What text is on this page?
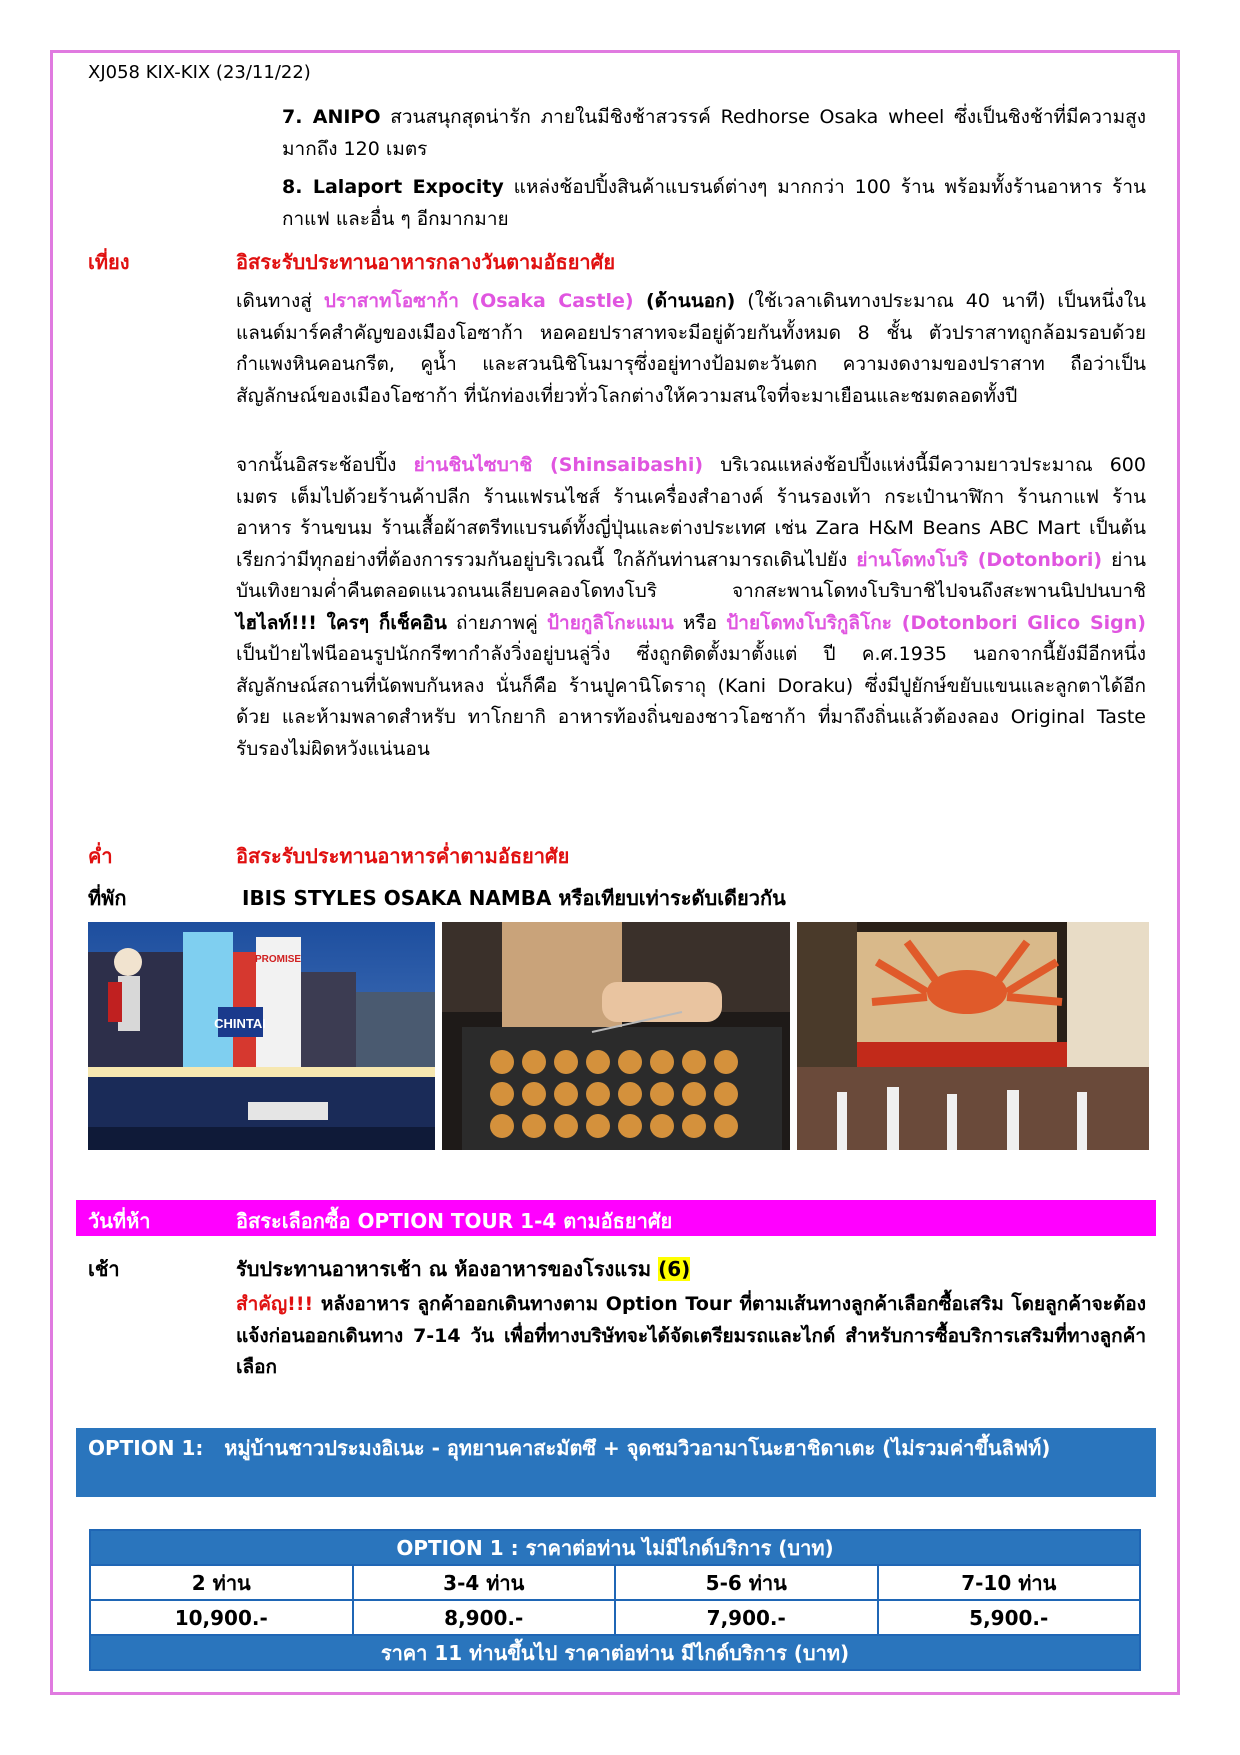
XJ058 KIX-KIX (23/11/22)
7. ANIPO สวนสนุกสุดน่ารัก ภายในมีชิงช้าสวรรค์ Redhorse Osaka wheel ซึ่งเป็นชิงช้าที่มีความสูงมากถึง 120 เมตร
8. Lalaport Expocity แหล่งช้อปปิ้งสินค้าแบรนด์ต่างๆ มากกว่า 100 ร้าน พร้อมทั้งร้านอาหาร ร้านกาแฟ และอื่น ๆ อีกมากมาย
เที่ยง	อิสระรับประทานอาหารกลางวันตามอัธยาศัย
เดินทางสู่ ปราสาทโอซาก้า (Osaka Castle) (ด้านนอก) (ใช้เวลาเดินทางประมาณ 40 นาที) เป็นหนึ่งในแลนด์มาร์คสำคัญของเมืองโอซาก้า หอคอยปราสาทจะมีอยู่ด้วยกันทั้งหมด 8 ชั้น ตัวปราสาทถูกล้อมรอบด้วยกำแพงหินคอนกรีต, คูน้ำ และสวนนิชิโนมารุซึ่งอยู่ทางป้อมตะวันตก ความงดงามของปราสาท ถือว่าเป็นสัญลักษณ์ของเมืองโอซาก้า ที่นักท่องเที่ยวทั่วโลกต่างให้ความสนใจที่จะมาเยือนและชมตลอดทั้งปี
จากนั้นอิสระช้อปปิ้ง ย่านชินไซบาชิ (Shinsaibashi) บริเวณแหล่งช้อปปิ้งแห่งนี้มีความยาวประมาณ 600 เมตร เต็มไปด้วยร้านค้าปลีก ร้านแฟรนไชส์ ร้านเครื่องสำอางค์ ร้านรองเท้า กระเป๋านาฬิกา ร้านกาแฟ ร้านอาหาร ร้านขนม ร้านเสื้อผ้าสตรีทแบรนด์ทั้งญี่ปุ่นและต่างประเทศ เช่น Zara H&M Beans ABC Mart เป็นต้น เรียกว่ามีทุกอย่างที่ต้องการรวมกันอยู่บริเวณนี้ ใกล้กันท่านสามารถเดินไปยัง ย่านโดทงโบริ (Dotonbori) ย่านบันเทิงยามค่ำคืนตลอดแนวถนนเลียบคลองโดทงโบริ จากสะพานโดทงโบริบาชิไปจนถึงสะพานนิปปนบาชิ ไฮไลท์!!! ใครๆ ก็เช็คอิน ถ่ายภาพคู่ ป้ายกูลิโกะแมน หรือ ป้ายโดทงโบริกูลิโกะ (Dotonbori Glico Sign) เป็นป้ายไฟนีออนรูปนักกรีฑากำลังวิ่งอยู่บนลู่วิ่ง ซึ่งถูกติดตั้งมาตั้งแต่ ปี ค.ศ.1935 นอกจากนี้ยังมีอีกหนึ่งสัญลักษณ์สถานที่นัดพบกันหลง นั่นก็คือ ร้านปูคานิโดราถุ (Kani Doraku) ซึ่งมีปูยักษ์ขยับแขนและลูกตาได้อีกด้วย และห้ามพลาดสำหรับ ทาโกยากิ อาหารท้องถิ่นของชาวโอซาก้า ที่มาถึงถิ่นแล้วต้องลอง Original Taste รับรองไม่ผิดหวังแน่นอน
ค่ำ	อิสระรับประทานอาหารค่ำตามอัธยาศัย
ที่พัก	IBIS STYLES OSAKA NAMBA หรือเทียบเท่าระดับเดียวกัน
CHINTAI
PROMISE
วันที่ห้า	อิสระเลือกซื้อ OPTION TOUR 1-4 ตามอัธยาศัย
เช้า	รับประทานอาหารเช้า ณ ห้องอาหารของโรงแรม (6)
สำคัญ!!! หลังอาหาร ลูกค้าออกเดินทางตาม Option Tour ที่ตามเส้นทางลูกค้าเลือกซื้อเสริม โดยลูกค้าจะต้องแจ้งก่อนออกเดินทาง 7-14 วัน เพื่อที่ทางบริษัทจะได้จัดเตรียมรถและไกด์ สำหรับการซื้อบริการเสริมที่ทางลูกค้าเลือก
OPTION 1: หมู่บ้านชาวประมงอิเนะ - อุทยานคาสะมัตซึ + จุดชมวิวอามาโนะฮาชิดาเตะ (ไม่รวมค่าขึ้นลิฟท์)
OPTION 1 : ราคาต่อท่าน ไม่มีไกด์บริการ (บาท)			
2 ท่าน	3-4 ท่าน	5-6 ท่าน	7-10 ท่าน
10,900.-	8,900.-	7,900.-	5,900.-
ราคา 11 ท่านขึ้นไป ราคาต่อท่าน มีไกด์บริการ (บาท)			
